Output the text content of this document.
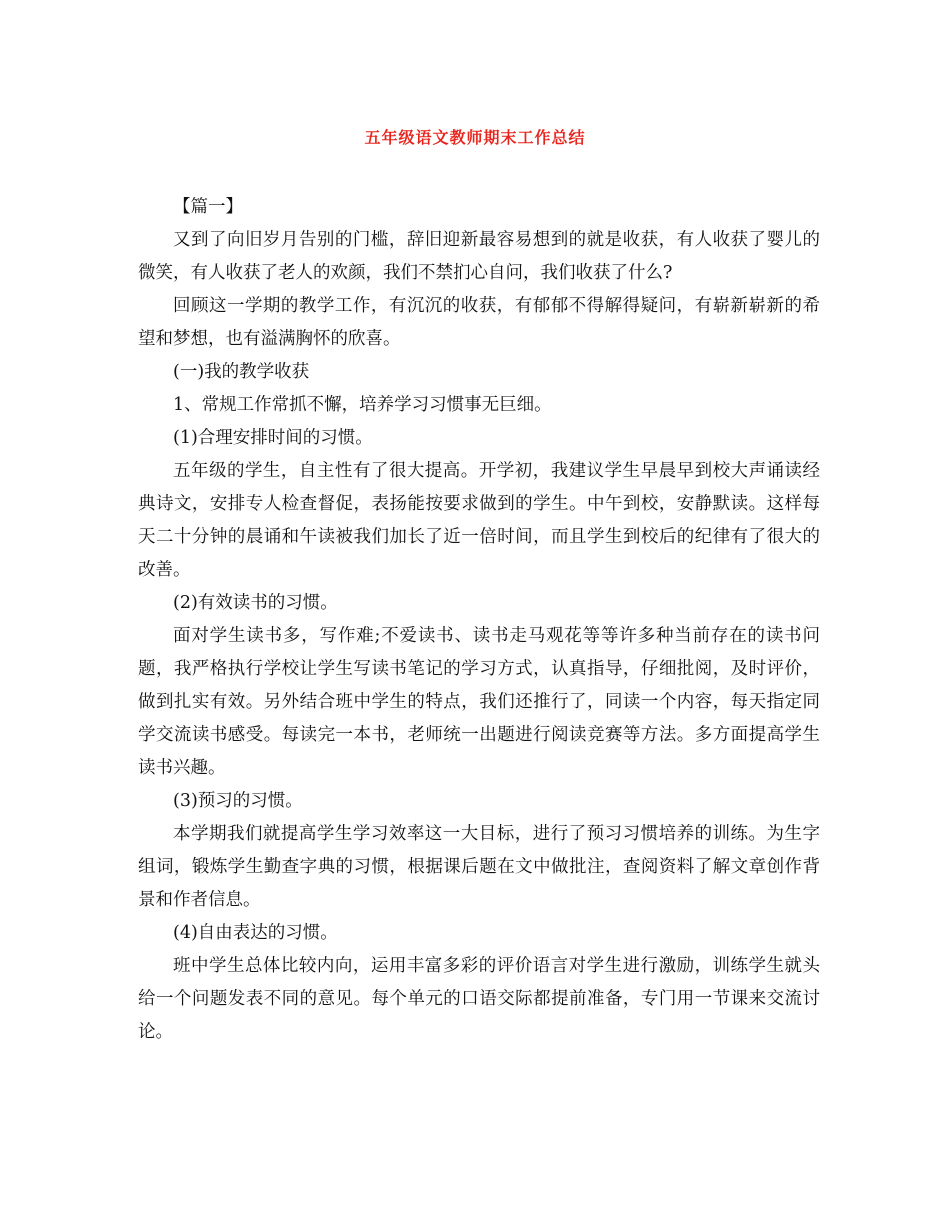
五年级语文教师期末工作总结

【篇一】

又到了向旧岁月告别的门槛，辞旧迎新最容易想到的就是收获，有人收获了婴儿的微笑，有人收获了老人的欢颜，我们不禁扪心自问，我们收获了什么?

回顾这一学期的教学工作，有沉沉的收获，有郁郁不得解得疑问，有崭新崭新的希望和梦想，也有溢满胸怀的欣喜。

(一)我的教学收获

1、常规工作常抓不懈，培养学习习惯事无巨细。

(1)合理安排时间的习惯。

五年级的学生，自主性有了很大提高。开学初，我建议学生早晨早到校大声诵读经典诗文，安排专人检查督促，表扬能按要求做到的学生。中午到校，安静默读。这样每天二十分钟的晨诵和午读被我们加长了近一倍时间，而且学生到校后的纪律有了很大的改善。

(2)有效读书的习惯。

面对学生读书多，写作难;不爱读书、读书走马观花等等许多种当前存在的读书问题，我严格执行学校让学生写读书笔记的学习方式，认真指导，仔细批阅，及时评价，做到扎实有效。另外结合班中学生的特点，我们还推行了，同读一个内容，每天指定同学交流读书感受。每读完一本书，老师统一出题进行阅读竞赛等方法。多方面提高学生读书兴趣。

(3)预习的习惯。

本学期我们就提高学生学习效率这一大目标，进行了预习习惯培养的训练。为生字组词，锻炼学生勤查字典的习惯，根据课后题在文中做批注，查阅资料了解文章创作背景和作者信息。

(4)自由表达的习惯。

班中学生总体比较内向，运用丰富多彩的评价语言对学生进行激励，训练学生就头给一个问题发表不同的意见。每个单元的口语交际都提前准备，专门用一节课来交流讨论。
